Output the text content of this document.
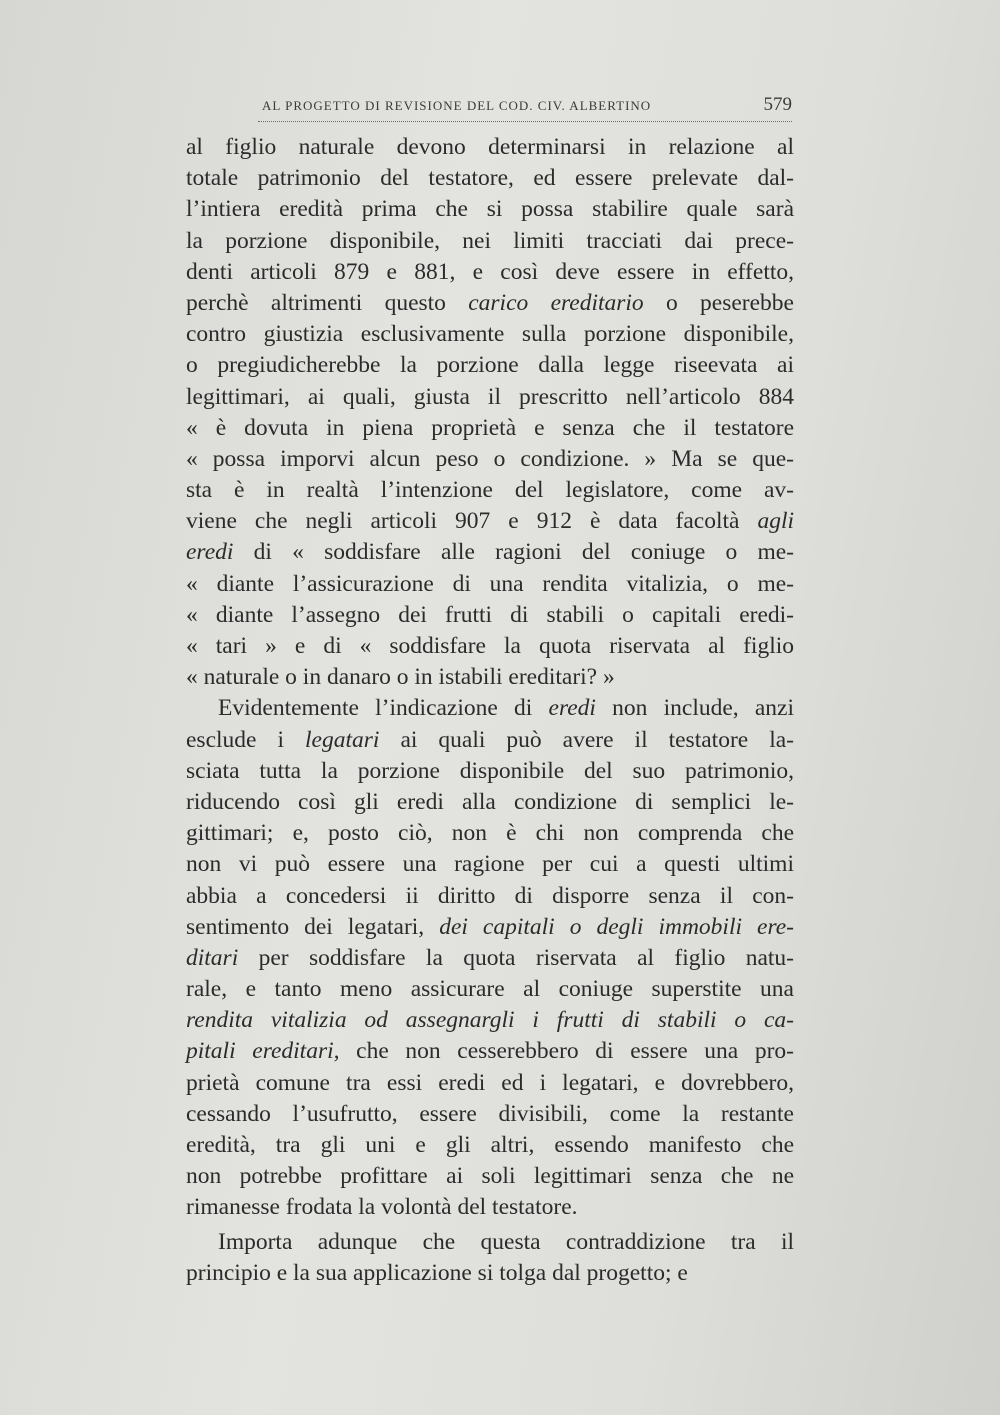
AL PROGETTO DI REVISIONE DEL COD. CIV. ALBERTINO	579
al figlio naturale devono determinarsi in relazione al
totale patrimonio del testatore, ed essere prelevate dal-
l’intiera eredità prima che si possa stabilire quale sarà
la porzione disponibile, nei limiti tracciati dai prece-
denti articoli 879 e 881, e così deve essere in effetto,
perchè altrimenti questo carico ereditario o peserebbe
contro giustizia esclusivamente sulla porzione disponibile,
o pregiudicherebbe la porzione dalla legge riseevata ai
legittimari, ai quali, giusta il prescritto nell’articolo 884
« è dovuta in piena proprietà e senza che il testatore
« possa imporvi alcun peso o condizione. » Ma se que-
sta è in realtà l’intenzione del legislatore, come av-
viene che negli articoli 907 e 912 è data facoltà agli
eredi di « soddisfare alle ragioni del coniuge o me-
« diante l’assicurazione di una rendita vitalizia, o me-
« diante l’assegno dei frutti di stabili o capitali eredi-
« tari » e di « soddisfare la quota riservata al figlio
« naturale o in danaro o in istabili ereditari? »
Evidentemente l’indicazione di eredi non include, anzi
esclude i legatari ai quali può avere il testatore la-
sciata tutta la porzione disponibile del suo patrimonio,
riducendo così gli eredi alla condizione di semplici le-
gittimari; e, posto ciò, non è chi non comprenda che
non vi può essere una ragione per cui a questi ultimi
abbia a concedersi ii diritto di disporre senza il con-
sentimento dei legatari, dei capitali o degli immobili ere-
ditari per soddisfare la quota riservata al figlio natu-
rale, e tanto meno assicurare al coniuge superstite una
rendita vitalizia od assegnargli i frutti di stabili o ca-
pitali ereditari, che non cesserebbero di essere una pro-
prietà comune tra essi eredi ed i legatari, e dovrebbero,
cessando l’usufrutto, essere divisibili, come la restante
eredità, tra gli uni e gli altri, essendo manifesto che
non potrebbe profittare ai soli legittimari senza che ne
rimanesse frodata la volontà del testatore.
Importa adunque che questa contraddizione tra il
principio e la sua applicazione si tolga dal progetto; e
